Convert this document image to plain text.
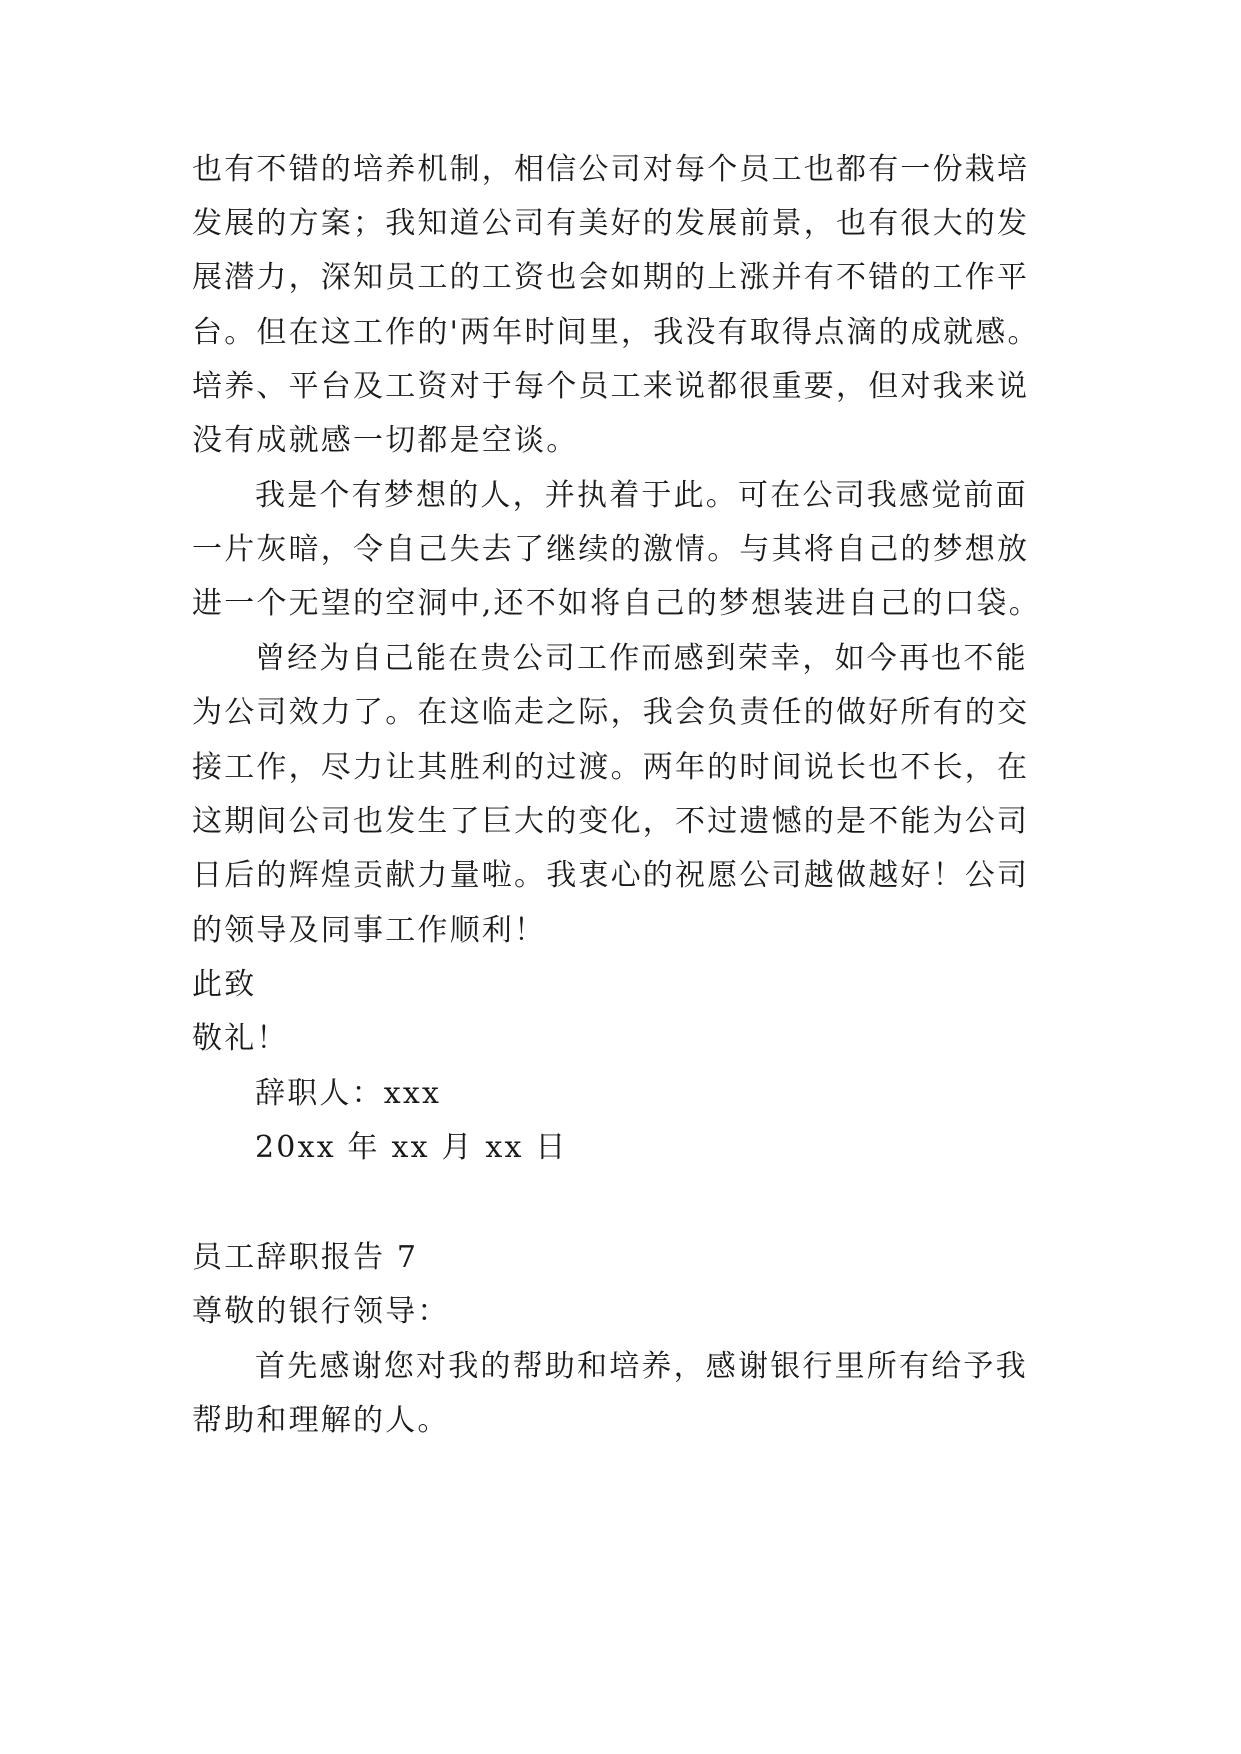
也有不错的培养机制，相信公司对每个员工也都有一份栽培
发展的方案；我知道公司有美好的发展前景，也有很大的发
展潜力，深知员工的工资也会如期的上涨并有不错的工作平
台。但在这工作的'两年时间里，我没有取得点滴的成就感。
培养、平台及工资对于每个员工来说都很重要，但对我来说
没有成就感一切都是空谈。
我是个有梦想的人，并执着于此。可在公司我感觉前面
一片灰暗，令自己失去了继续的激情。与其将自己的梦想放
进一个无望的空洞中,还不如将自己的梦想装进自己的口袋。
曾经为自己能在贵公司工作而感到荣幸，如今再也不能
为公司效力了。在这临走之际，我会负责任的做好所有的交
接工作，尽力让其胜利的过渡。两年的时间说长也不长，在
这期间公司也发生了巨大的变化，不过遗憾的是不能为公司
日后的辉煌贡献力量啦。我衷心的祝愿公司越做越好！公司
的领导及同事工作顺利！
此致
敬礼！
辞职人：xxx
20xx 年 xx 月 xx 日
员工辞职报告 7
尊敬的银行领导：
首先感谢您对我的帮助和培养，感谢银行里所有给予我
帮助和理解的人。
